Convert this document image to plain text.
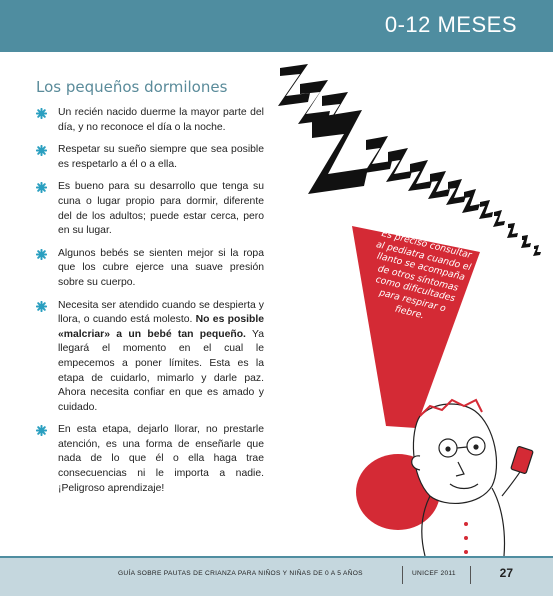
0-12 MESES
Los pequeños dormilones
Un recién nacido duerme la mayor parte del día, y no reconoce el día o la noche.
Respetar su sueño siempre que sea posible es respetarlo a él o a ella.
Es bueno para su desarrollo que tenga su cuna o lugar propio para dormir, diferente del de los adultos; puede estar cerca, pero en su lugar.
Algunos bebés se sienten mejor si la ropa que los cubre ejerce una suave presión sobre su cuerpo.
Necesita ser atendido cuando se despierta y llora, o cuando está molesto. No es posible «malcriar» a un bebé tan pequeño. Ya llegará el momento en el cual le empecemos a poner límites. Esta es la etapa de cuidarlo, mimarlo y darle paz. Ahora necesita confiar en que es amado y cuidado.
En esta etapa, dejarlo llorar, no prestarle atención, es una forma de enseñarle que nada de lo que él o ella haga trae consecuencias ni le importa a nadie. ¡Peligroso aprendizaje!
Es preciso consultar al pediatra cuando el llanto se acompaña de otros síntomas como dificultades para respirar o fiebre.
GUÍA SOBRE PAUTAS DE CRIANZA PARA NIÑOS Y NIÑAS DE 0 A 5 AÑOS	UNICEF 2011	27
